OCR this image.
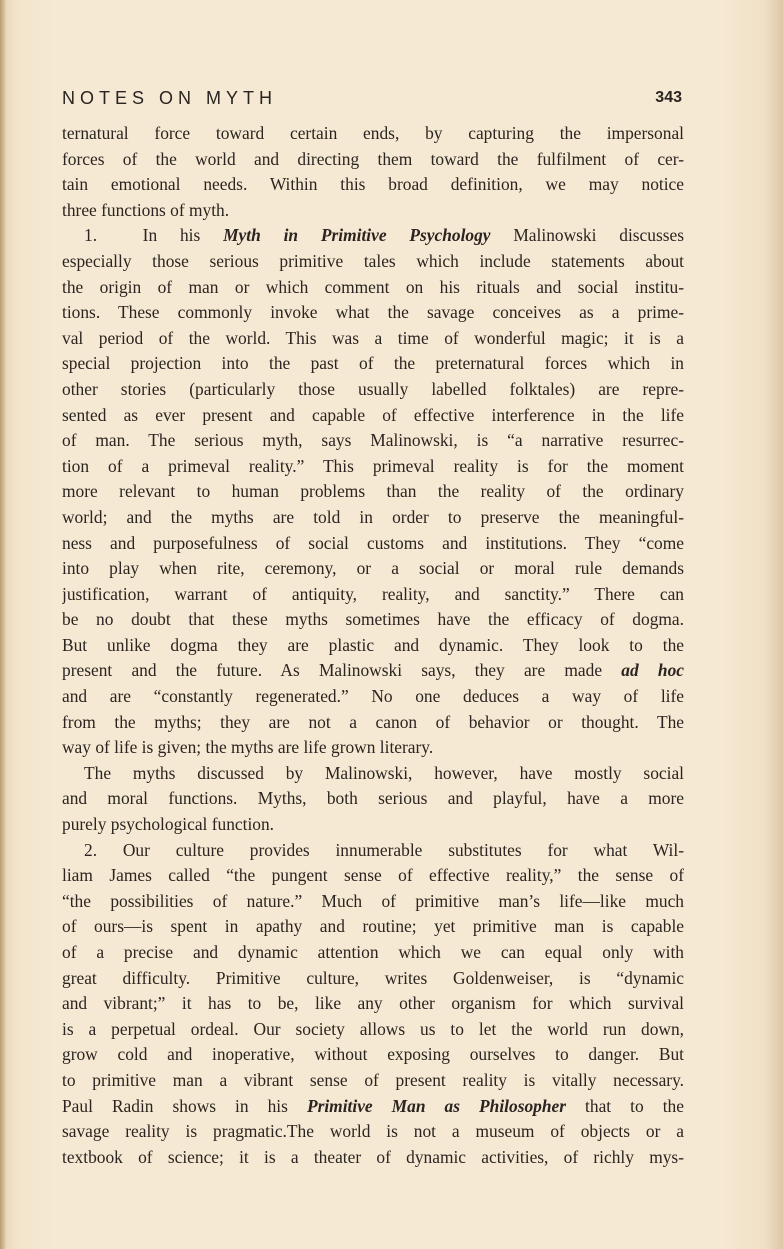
NOTES ON MYTH	343
ternatural force toward certain ends, by capturing the impersonal
forces of the world and directing them toward the fulfilment of cer-
tain emotional needs. Within this broad definition, we may notice
three functions of myth.
1.  In his Myth in Primitive Psychology Malinowski discusses
especially those serious primitive tales which include statements about
the origin of man or which comment on his rituals and social institu-
tions. These commonly invoke what the savage conceives as a prime-
val period of the world. This was a time of wonderful magic; it is a
special projection into the past of the preternatural forces which in
other stories (particularly those usually labelled folktales) are repre-
sented as ever present and capable of effective interference in the life
of man. The serious myth, says Malinowski, is “a narrative resurrec-
tion of a primeval reality.” This primeval reality is for the moment
more relevant to human problems than the reality of the ordinary
world; and the myths are told in order to preserve the meaningful-
ness and purposefulness of social customs and institutions. They “come
into play when rite, ceremony, or a social or moral rule demands
justification, warrant of antiquity, reality, and sanctity.” There can
be no doubt that these myths sometimes have the efficacy of dogma.
But unlike dogma they are plastic and dynamic. They look to the
present and the future. As Malinowski says, they are made ad hoc
and are “constantly regenerated.” No one deduces a way of life
from the myths; they are not a canon of behavior or thought. The
way of life is given; the myths are life grown literary.
The myths discussed by Malinowski, however, have mostly social
and moral functions. Myths, both serious and playful, have a more
purely psychological function.
2. Our culture provides innumerable substitutes for what Wil-
liam James called “the pungent sense of effective reality,” the sense of
“the possibilities of nature.” Much of primitive man’s life—like much
of ours—is spent in apathy and routine; yet primitive man is capable
of a precise and dynamic attention which we can equal only with
great difficulty. Primitive culture, writes Goldenweiser, is “dynamic
and vibrant;” it has to be, like any other organism for which survival
is a perpetual ordeal. Our society allows us to let the world run down,
grow cold and inoperative, without exposing ourselves to danger. But
to primitive man a vibrant sense of present reality is vitally necessary.
Paul Radin shows in his Primitive Man as Philosopher that to the
savage reality is pragmatic.The world is not a museum of objects or a
textbook of science; it is a theater of dynamic activities, of richly mys-
